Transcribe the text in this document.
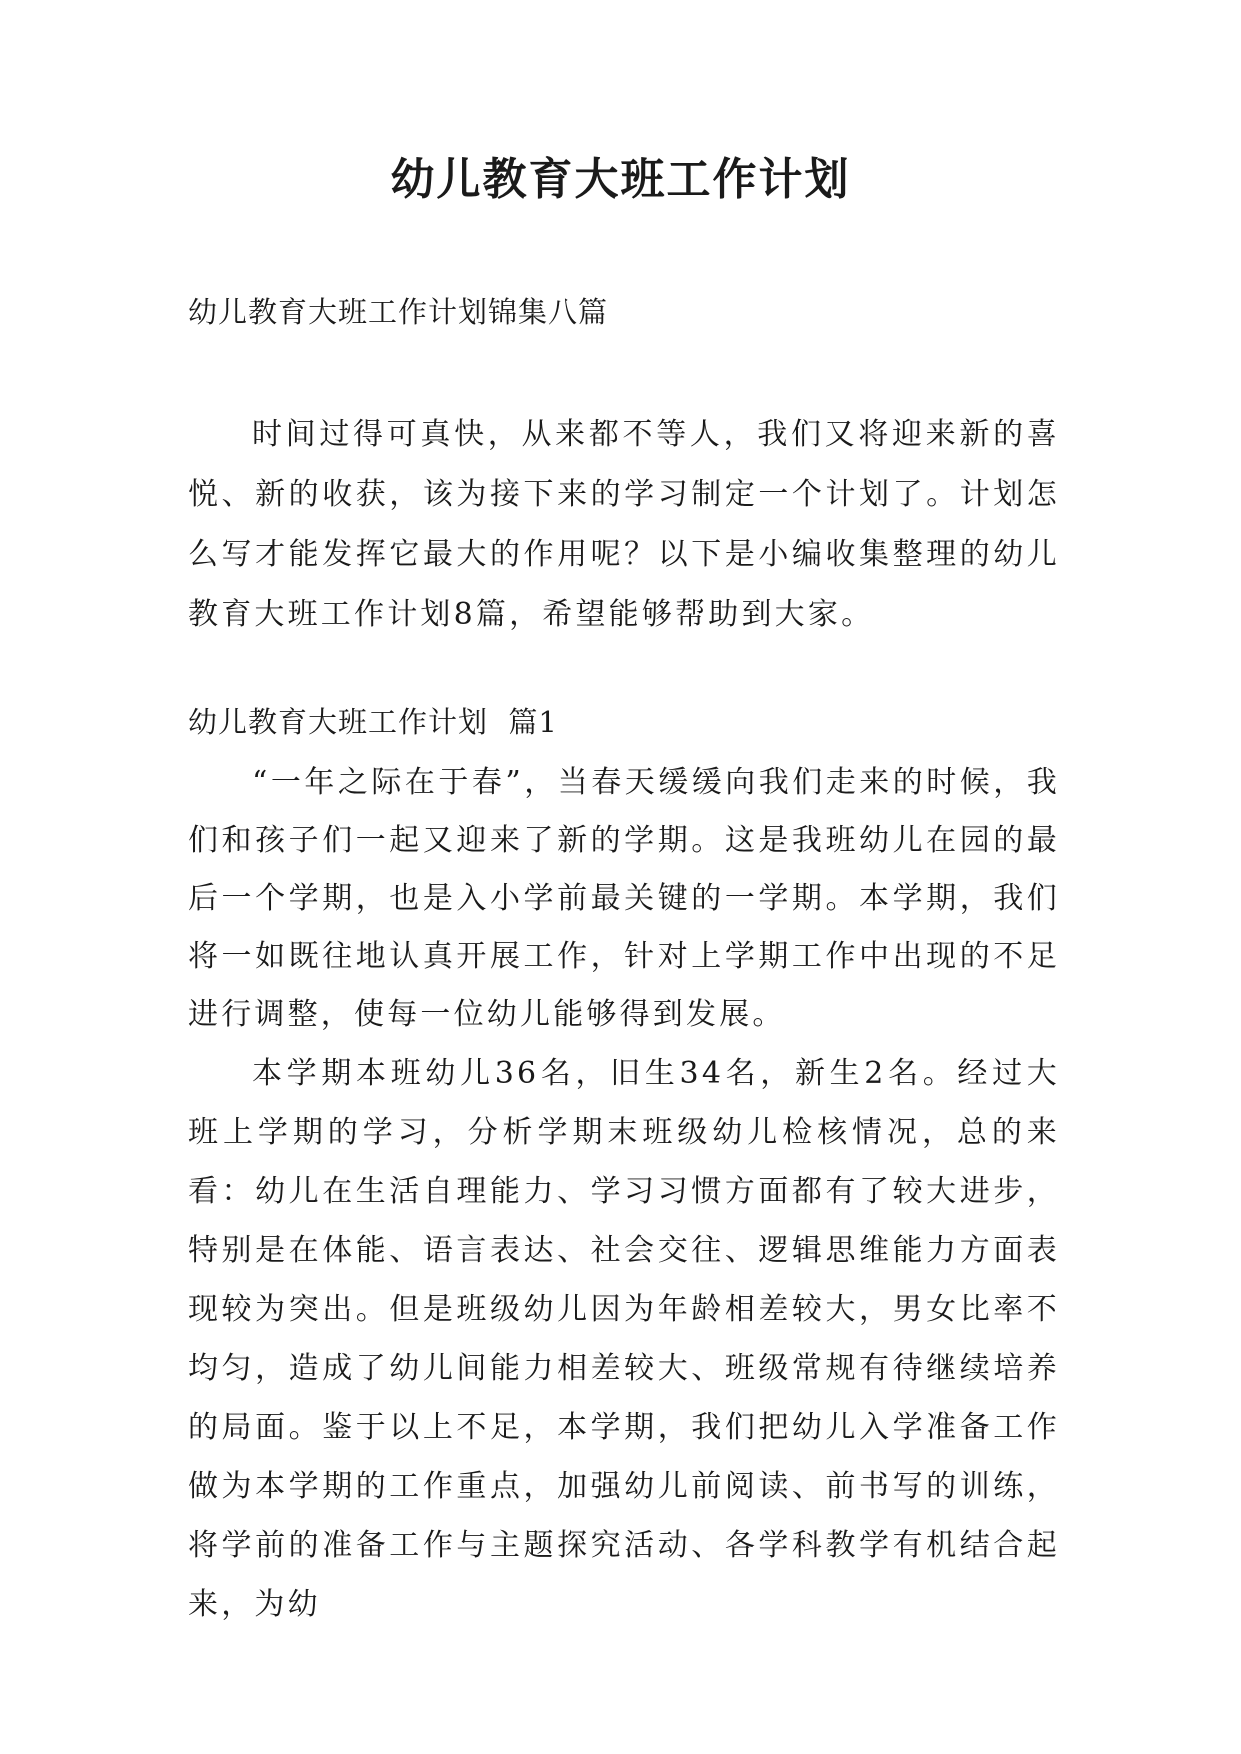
幼儿教育大班工作计划

幼儿教育大班工作计划锦集八篇

时间过得可真快，从来都不等人，我们又将迎来新的喜悦、新的收获，该为接下来的学习制定一个计划了。计划怎么写才能发挥它最大的作用呢？以下是小编收集整理的幼儿教育大班工作计划8篇，希望能够帮助到大家。

幼儿教育大班工作计划  篇1

“一年之际在于春”，当春天缓缓向我们走来的时候，我们和孩子们一起又迎来了新的学期。这是我班幼儿在园的最后一个学期，也是入小学前最关键的一学期。本学期，我们将一如既往地认真开展工作，针对上学期工作中出现的不足进行调整，使每一位幼儿能够得到发展。

本学期本班幼儿36名，旧生34名，新生2名。经过大班上学期的学习，分析学期末班级幼儿检核情况，总的来看：幼儿在生活自理能力、学习习惯方面都有了较大进步，特别是在体能、语言表达、社会交往、逻辑思维能力方面表现较为突出。但是班级幼儿因为年龄相差较大，男女比率不均匀，造成了幼儿间能力相差较大、班级常规有待继续培养的局面。鉴于以上不足，本学期，我们把幼儿入学准备工作做为本学期的工作重点，加强幼儿前阅读、前书写的训练，将学前的准备工作与主题探究活动、各学科教学有机结合起来，为幼
